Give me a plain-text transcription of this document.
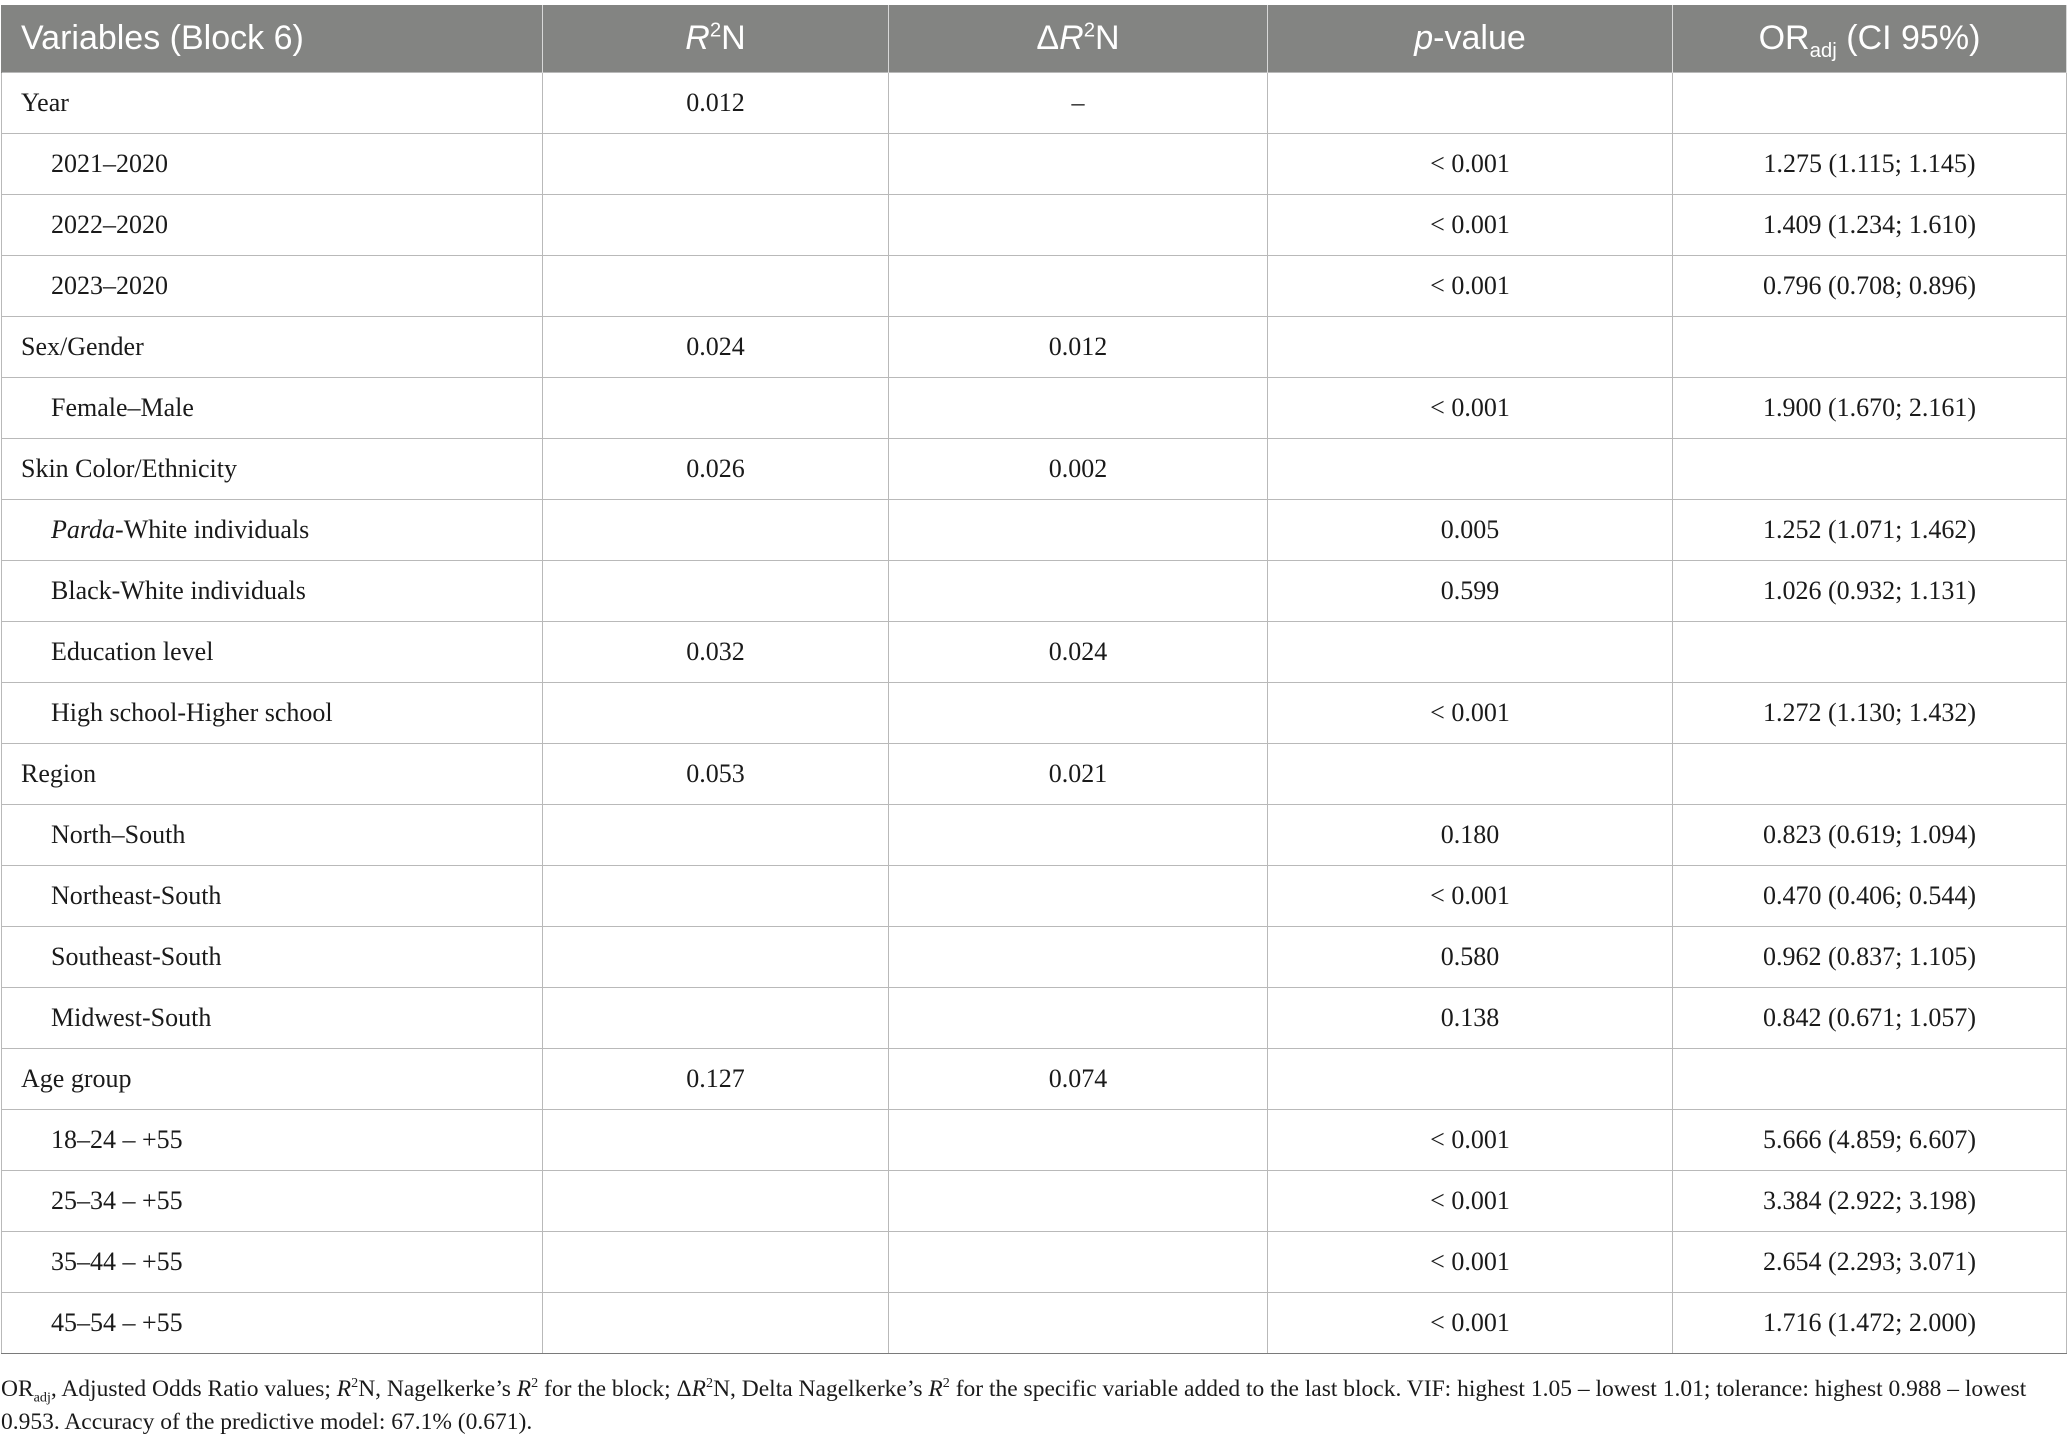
Variables (Block 6)	$R^2N$	$\Delta R^2N$	p-value	$OR_{adj}$ (CI 95%)
Year	0.012	–		
2021–2020			< 0.001	1.275 (1.115; 1.145)
2022–2020			< 0.001	1.409 (1.234; 1.610)
2023–2020			< 0.001	0.796 (0.708; 0.896)
Sex/Gender	0.024	0.012		
Female–Male			< 0.001	1.900 (1.670; 2.161)
Skin Color/Ethnicity	0.026	0.002		
Parda-White individuals			0.005	1.252 (1.071; 1.462)
Black-White individuals			0.599	1.026 (0.932; 1.131)
Education level	0.032	0.024		
High school-Higher school			< 0.001	1.272 (1.130; 1.432)
Region	0.053	0.021		
North–South			0.180	0.823 (0.619; 1.094)
Northeast-South			< 0.001	0.470 (0.406; 0.544)
Southeast-South			0.580	0.962 (0.837; 1.105)
Midwest-South			0.138	0.842 (0.671; 1.057)
Age group	0.127	0.074		
18–24 – +55			< 0.001	5.666 (4.859; 6.607)
25–34 – +55			< 0.001	3.384 (2.922; 3.198)
35–44 – +55			< 0.001	2.654 (2.293; 3.071)
45–54 – +55			< 0.001	1.716 (1.472; 2.000)
$OR_{adj}$, Adjusted Odds Ratio values; $R^2N$, Nagelkerke’s $R^2$ for the block; $\Delta R^2N$, Delta Nagelkerke’s $R^2$ for the specific variable added to the last block. VIF: highest 1.05 – lowest 1.01; tolerance: highest 0.988 – lowest 0.953. Accuracy of the predictive model: 67.1% (0.671).
